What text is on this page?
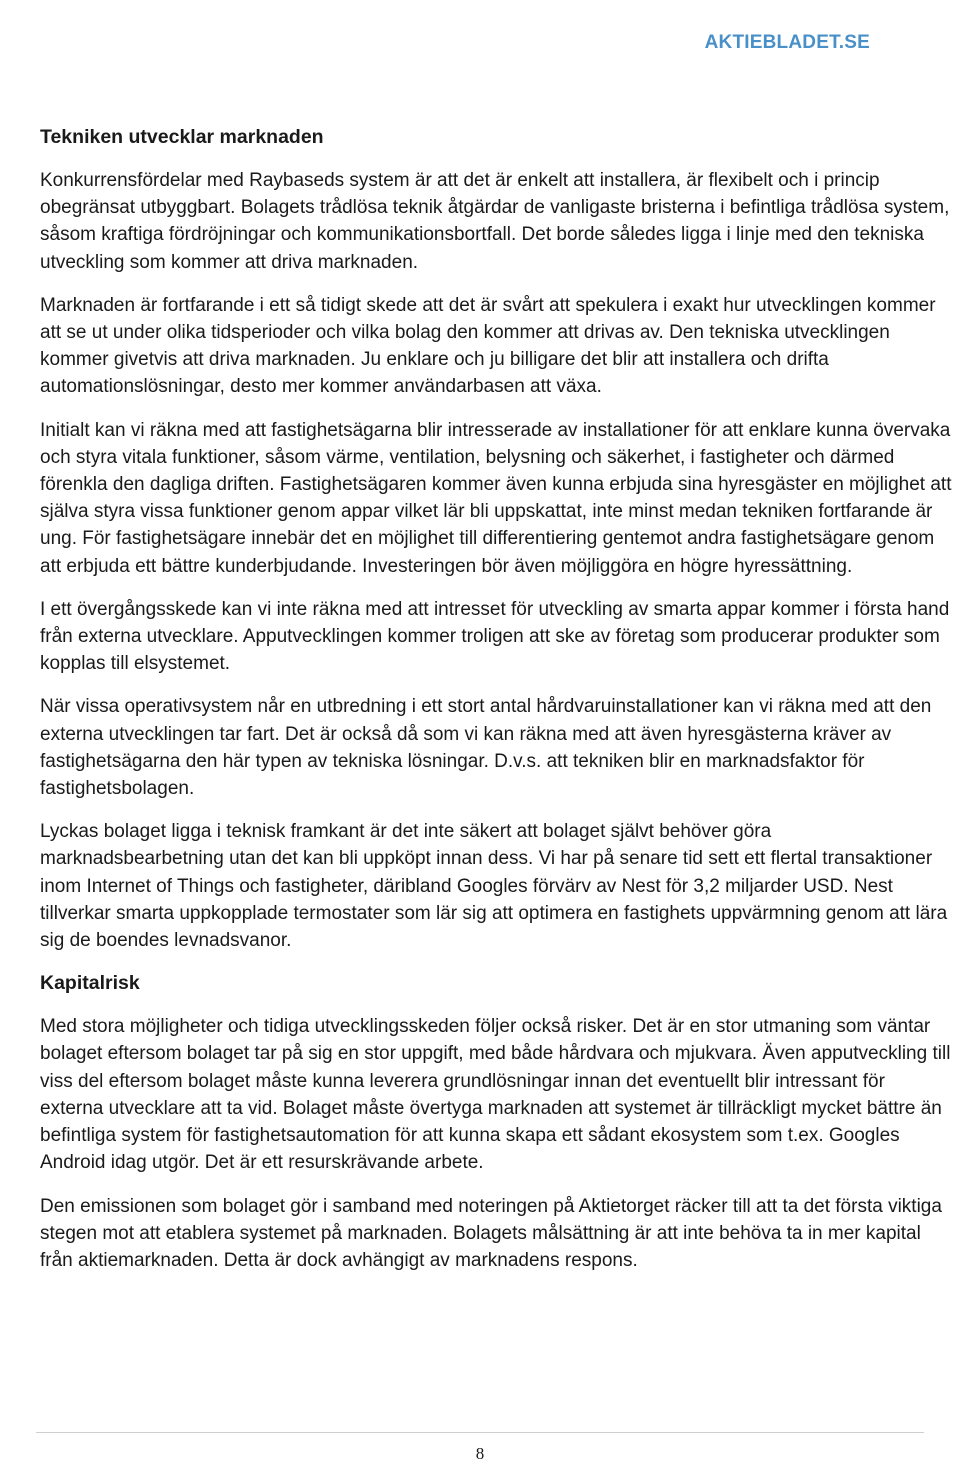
AKTIEBLADET.SE
Tekniken utvecklar marknaden

Konkurrensfördelar med Raybaseds system är att det är enkelt att installera, är flexibelt och i princip obegränsat utbyggbart. Bolagets trådlösa teknik åtgärdar de vanligaste bristerna i befintliga trådlösa system, såsom kraftiga fördröjningar och kommunikationsbortfall. Det borde således ligga i linje med den tekniska utveckling som kommer att driva marknaden.

Marknaden är fortfarande i ett så tidigt skede att det är svårt att spekulera i exakt hur utvecklingen kommer att se ut under olika tidsperioder och vilka bolag den kommer att drivas av. Den tekniska utvecklingen kommer givetvis att driva marknaden. Ju enklare och ju billigare det blir att installera och drifta automationslösningar, desto mer kommer användarbasen att växa.

Initialt kan vi räkna med att fastighetsägarna blir intresserade av installationer för att enklare kunna övervaka och styra vitala funktioner, såsom värme, ventilation, belysning och säkerhet, i fastigheter och därmed förenkla den dagliga driften. Fastighetsägaren kommer även kunna erbjuda sina hyresgäster en möjlighet att själva styra vissa funktioner genom appar vilket lär bli uppskattat, inte minst medan tekniken fortfarande är ung. För fastighetsägare innebär det en möjlighet till differentiering gentemot andra fastighetsägare genom att erbjuda ett bättre kunderbjudande. Investeringen bör även möjliggöra en högre hyressättning.

I ett övergångsskede kan vi inte räkna med att intresset för utveckling av smarta appar kommer i första hand från externa utvecklare. Apputvecklingen kommer troligen att ske av företag som producerar produkter som kopplas till elsystemet.

När vissa operativsystem når en utbredning i ett stort antal hårdvaruinstallationer kan vi räkna med att den externa utvecklingen tar fart. Det är också då som vi kan räkna med att även hyresgästerna kräver av fastighetsägarna den här typen av tekniska lösningar. D.v.s. att tekniken blir en marknadsfaktor för fastighetsbolagen.

Lyckas bolaget ligga i teknisk framkant är det inte säkert att bolaget självt behöver göra marknadsbearbetning utan det kan bli uppköpt innan dess. Vi har på senare tid sett ett flertal transaktioner inom Internet of Things och fastigheter, däribland Googles förvärv av Nest för 3,2 miljarder USD. Nest tillverkar smarta uppkopplade termostater som lär sig att optimera en fastighets uppvärmning genom att lära sig de boendes levnadsvanor.

Kapitalrisk

Med stora möjligheter och tidiga utvecklingsskeden följer också risker. Det är en stor utmaning som väntar bolaget eftersom bolaget tar på sig en stor uppgift, med både hårdvara och mjukvara. Även apputveckling till viss del eftersom bolaget måste kunna leverera grundlösningar innan det eventuellt blir intressant för externa utvecklare att ta vid. Bolaget måste övertyga marknaden att systemet är tillräckligt mycket bättre än befintliga system för fastighetsautomation för att kunna skapa ett sådant ekosystem som t.ex. Googles Android idag utgör. Det är ett resurskrävande arbete.

Den emissionen som bolaget gör i samband med noteringen på Aktietorget räcker till att ta det första viktiga stegen mot att etablera systemet på marknaden. Bolagets målsättning är att inte behöva ta in mer kapital från aktiemarknaden. Detta är dock avhängigt av marknadens respons.

8
